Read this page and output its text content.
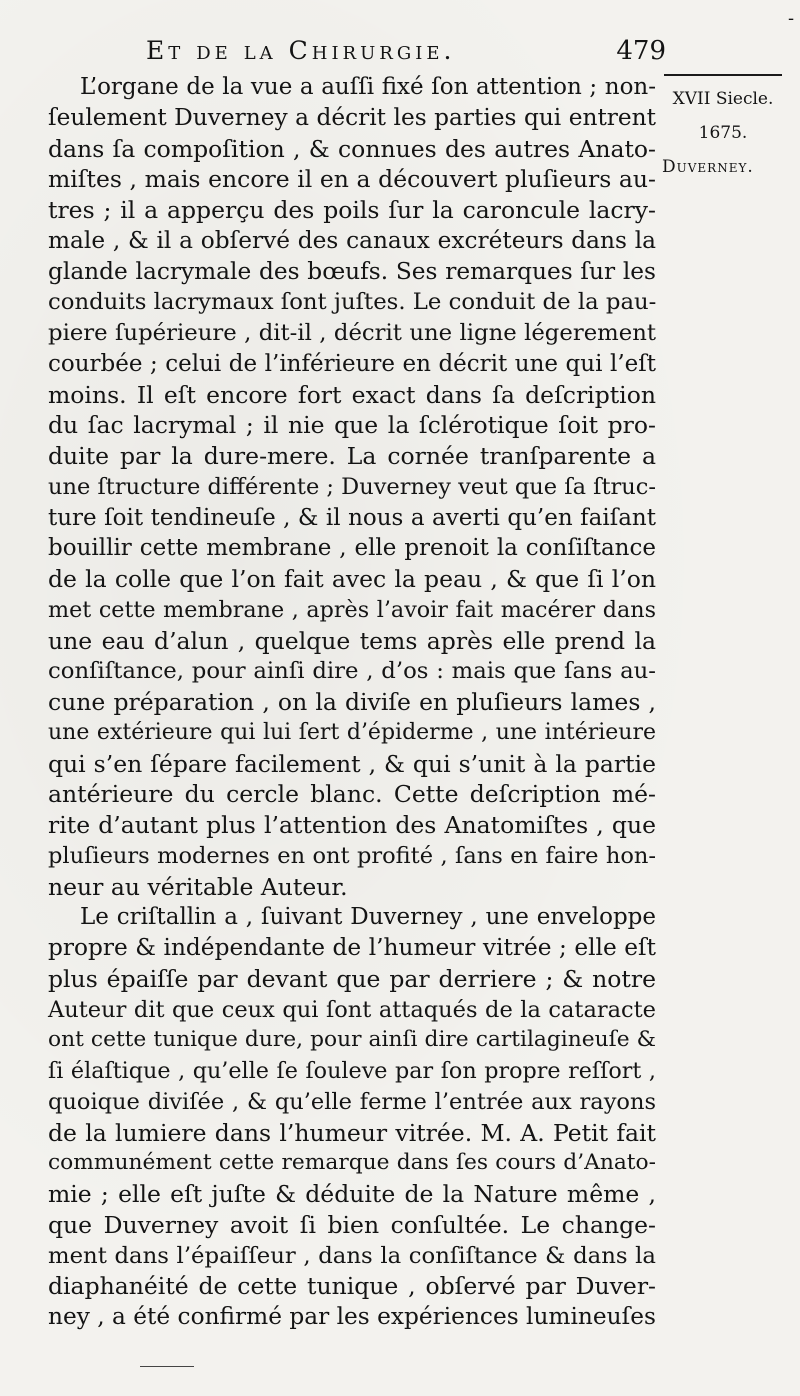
-
Et de la Chirurgie.	479
XVII Siecle.
1675.
Duverney.
L’organe de la vue a auſſi fixé ſon attention ; non-
ſeulement Duverney a décrit les parties qui entrent
dans ſa compoſition , & connues des autres Anato-
miſtes , mais encore il en a découvert pluſieurs au-
tres ; il a apperçu des poils ſur la caroncule lacry-
male , & il a obſervé des canaux excréteurs dans la
glande lacrymale des bœufs. Ses remarques ſur les
conduits lacrymaux ſont juſtes. Le conduit de la pau-
piere ſupérieure , dit-il , décrit une ligne légerement
courbée ; celui de l’inférieure en décrit une qui l’eſt
moins. Il eſt encore fort exact dans ſa deſcription
du ſac lacrymal ; il nie que la ſclérotique ſoit pro-
duite par la dure-mere. La cornée tranſparente a
une ſtructure différente ; Duverney veut que ſa ſtruc-
ture ſoit tendineuſe , & il nous a averti qu’en faiſant
bouillir cette membrane , elle prenoit la conſiſtance
de la colle que l’on fait avec la peau , & que ſi l’on
met cette membrane , après l’avoir fait macérer dans
une eau d’alun , quelque tems après elle prend la
conſiſtance, pour ainſi dire , d’os : mais que ſans au-
cune préparation , on la diviſe en pluſieurs lames ,
une extérieure qui lui ſert d’épiderme , une intérieure
qui s’en ſépare facilement , & qui s’unit à la partie
antérieure du cercle blanc. Cette deſcription mé-
rite d’autant plus l’attention des Anatomiſtes , que
pluſieurs modernes en ont profité , ſans en faire hon-
neur au véritable Auteur.
Le criſtallin a , ſuivant Duverney , une enveloppe
propre & indépendante de l’humeur vitrée ; elle eſt
plus épaiſſe par devant que par derriere ; & notre
Auteur dit que ceux qui ſont attaqués de la cataracte
ont cette tunique dure, pour ainſi dire cartilagineuſe &
ſi élaſtique , qu’elle ſe ſouleve par ſon propre reſſort ,
quoique diviſée , & qu’elle ferme l’entrée aux rayons
de la lumiere dans l’humeur vitrée. M. A. Petit fait
communément cette remarque dans ſes cours d’Anato-
mie ; elle eſt juſte & déduite de la Nature même ,
que Duverney avoit ſi bien conſultée. Le change-
ment dans l’épaiſſeur , dans la conſiſtance & dans la
diaphanéité de cette tunique , obſervé par Duver-
ney , a été confirmé par les expériences lumineuſes
